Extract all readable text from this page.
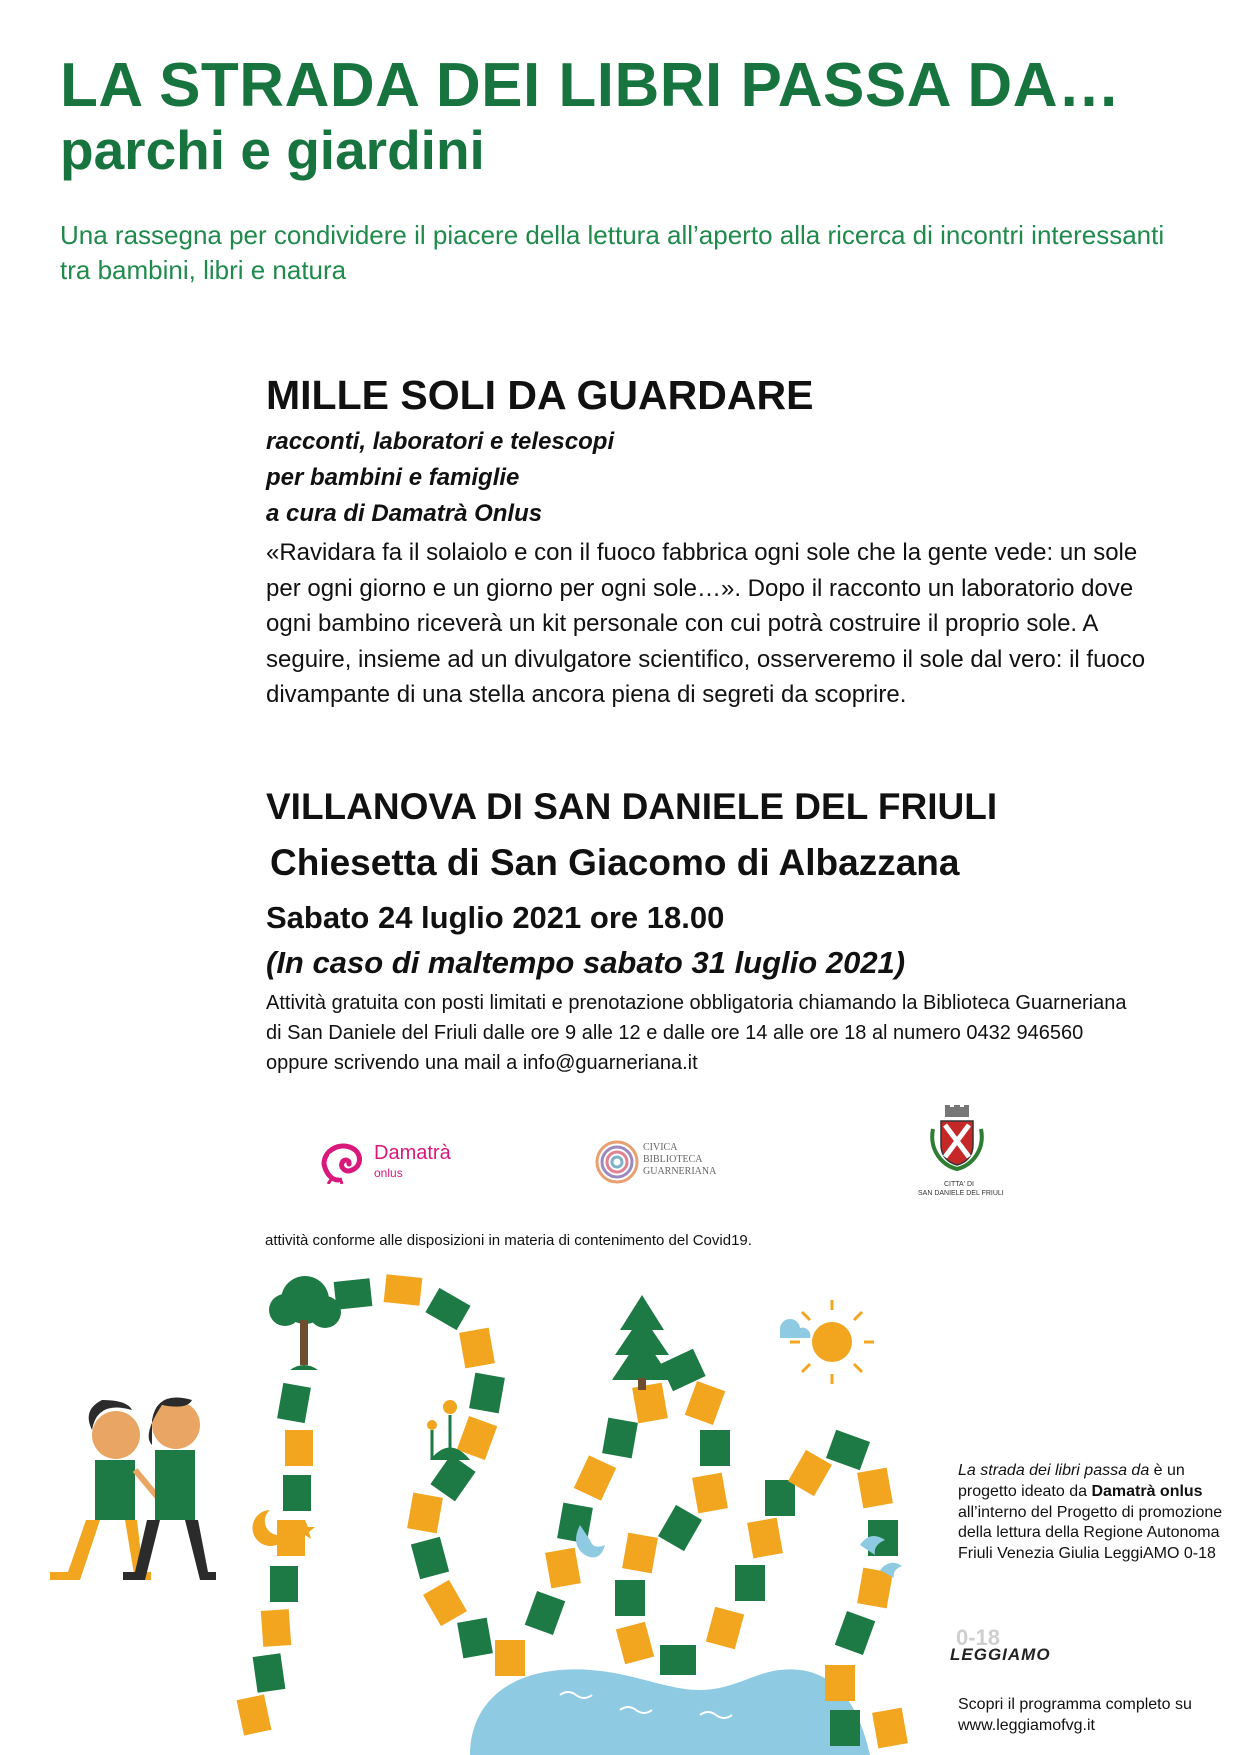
LA STRADA DEI LIBRI PASSA DA…
parchi e giardini
Una rassegna per condividere il piacere della lettura all’aperto alla ricerca di incontri interessanti tra bambini, libri e natura
MILLE SOLI DA GUARDARE
racconti, laboratori e telescopi
per bambini e famiglie
a cura di Damatrà Onlus
«Ravidara fa il solaiolo e con il fuoco fabbrica ogni sole che la gente vede: un sole per ogni giorno e un giorno per ogni sole…». Dopo il racconto un laboratorio dove ogni bambino riceverà un kit personale con cui potrà costruire il proprio sole. A seguire, insieme ad un divulgatore scientifico, osserveremo il sole dal vero: il fuoco divampante di una stella ancora piena di segreti da scoprire.
VILLANOVA DI SAN DANIELE DEL FRIULI
Chiesetta di San Giacomo di Albazzana
Sabato 24 luglio 2021 ore 18.00
(In caso di maltempo sabato 31 luglio 2021)
Attività gratuita con posti limitati e prenotazione obbligatoria chiamando la Biblioteca Guarneriana di San Daniele del Friuli dalle ore 9 alle 12 e dalle ore 14 alle ore 18 al numero 0432 946560 oppure scrivendo una mail a info@guarneriana.it
Damatrà
onlus
CIVICA
BIBLIOTECA
GUARNERIANA
CITTA' DI
SAN DANIELE DEL FRIULI
attività conforme alle disposizioni in materia di contenimento del Covid19.
La strada dei libri passa da è un progetto ideato da Damatrà onlus all’interno del Progetto di promozione della lettura della Regione Autonoma Friuli Venezia Giulia LeggiAMO 0-18
0-18
LEGGIAMO
Scopri il programma completo su www.leggiamofvg.it
